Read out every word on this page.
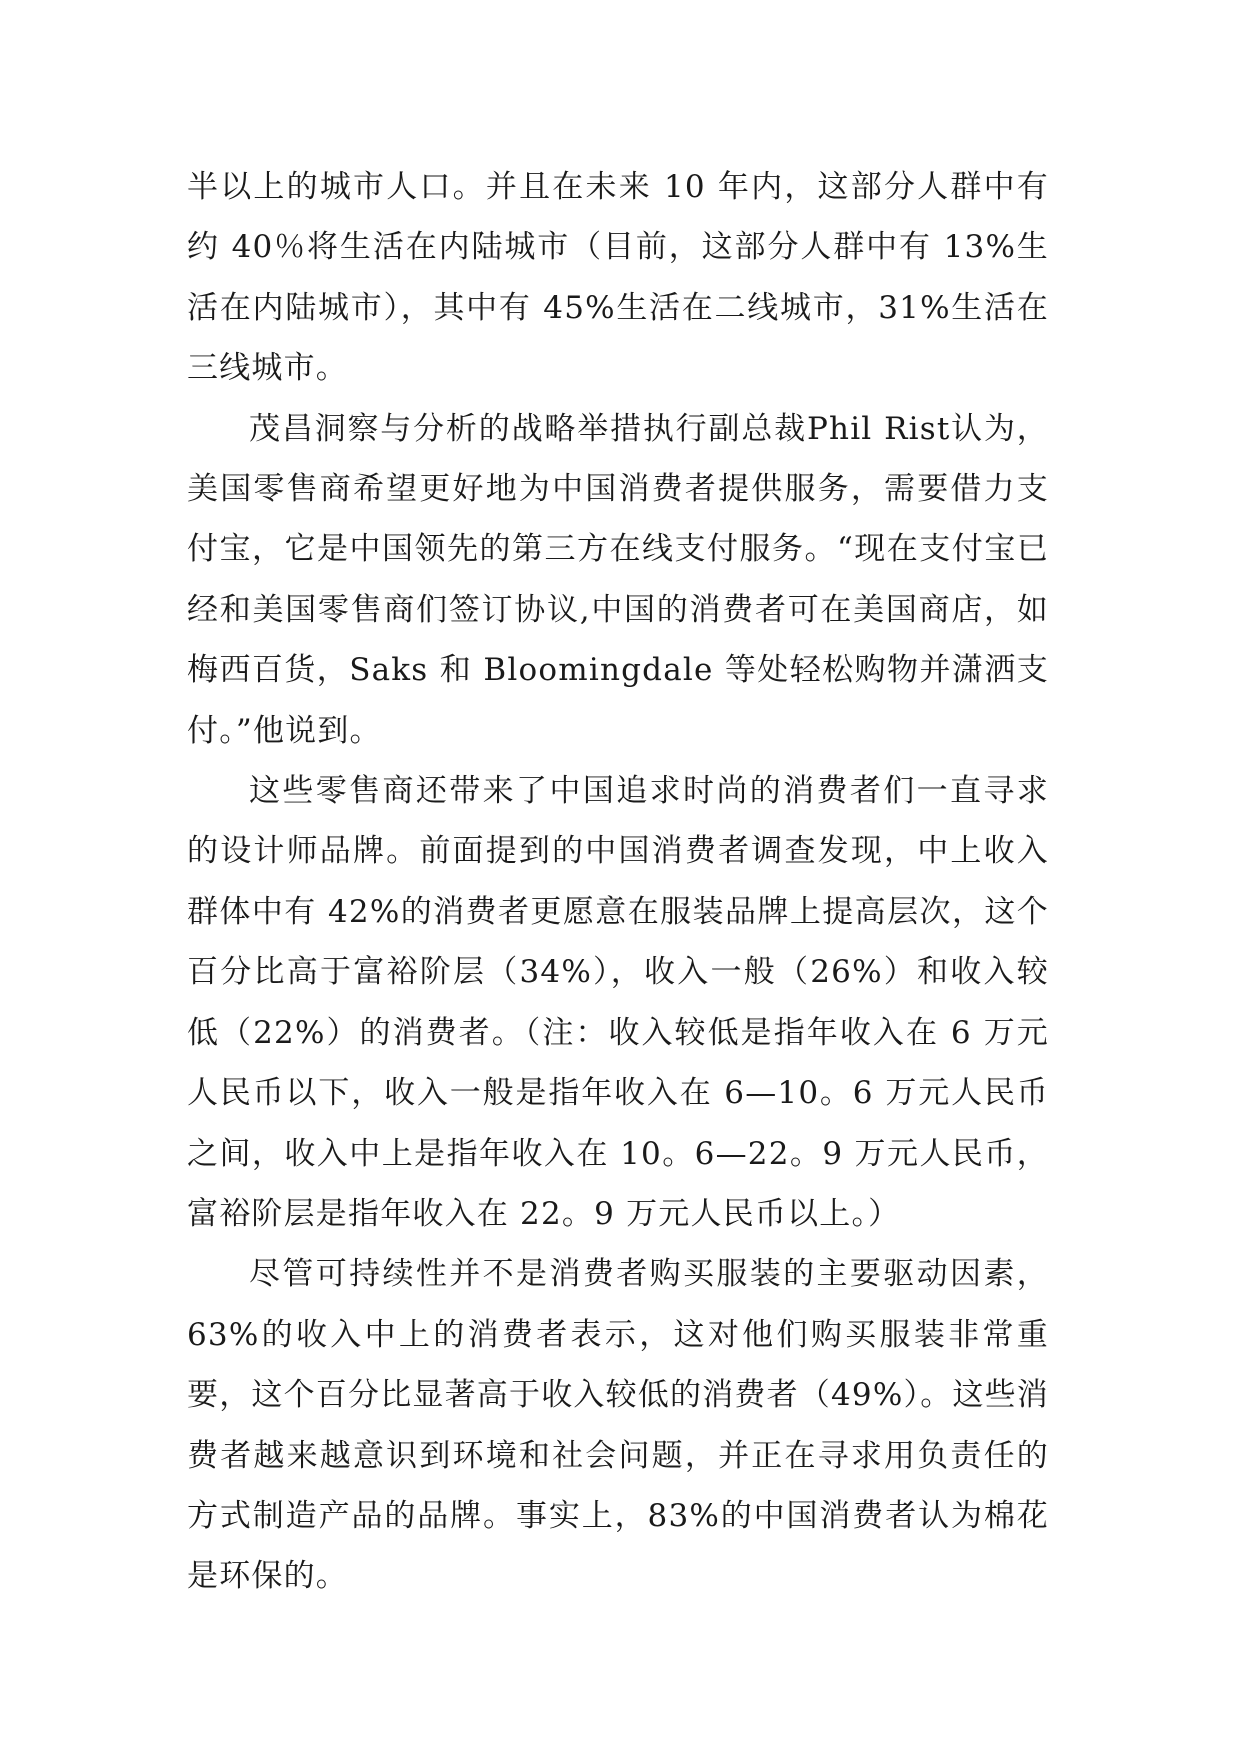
半以上的城市人口。并且在未来 10 年内，这部分人群中有约 40％将生活在内陆城市（目前，这部分人群中有 13%生活在内陆城市），其中有 45%生活在二线城市，31%生活在三线城市。

茂昌洞察与分析的战略举措执行副总裁Phil Rist认为，美国零售商希望更好地为中国消费者提供服务，需要借力支付宝，它是中国领先的第三方在线支付服务。“现在支付宝已经和美国零售商们签订协议,中国的消费者可在美国商店，如梅西百货，Saks 和 Bloomingdale 等处轻松购物并潇洒支付。”他说到。

这些零售商还带来了中国追求时尚的消费者们一直寻求的设计师品牌。前面提到的中国消费者调查发现，中上收入群体中有 42%的消费者更愿意在服装品牌上提高层次，这个百分比高于富裕阶层（34%），收入一般（26%）和收入较低（22%）的消费者。（注：收入较低是指年收入在 6 万元人民币以下，收入一般是指年收入在 6—10。6 万元人民币之间，收入中上是指年收入在 10。6—22。9 万元人民币，富裕阶层是指年收入在 22。9 万元人民币以上。）

尽管可持续性并不是消费者购买服装的主要驱动因素，63%的收入中上的消费者表示，这对他们购买服装非常重要，这个百分比显著高于收入较低的消费者（49%）。这些消费者越来越意识到环境和社会问题，并正在寻求用负责任的方式制造产品的品牌。事实上，83%的中国消费者认为棉花是环保的。
